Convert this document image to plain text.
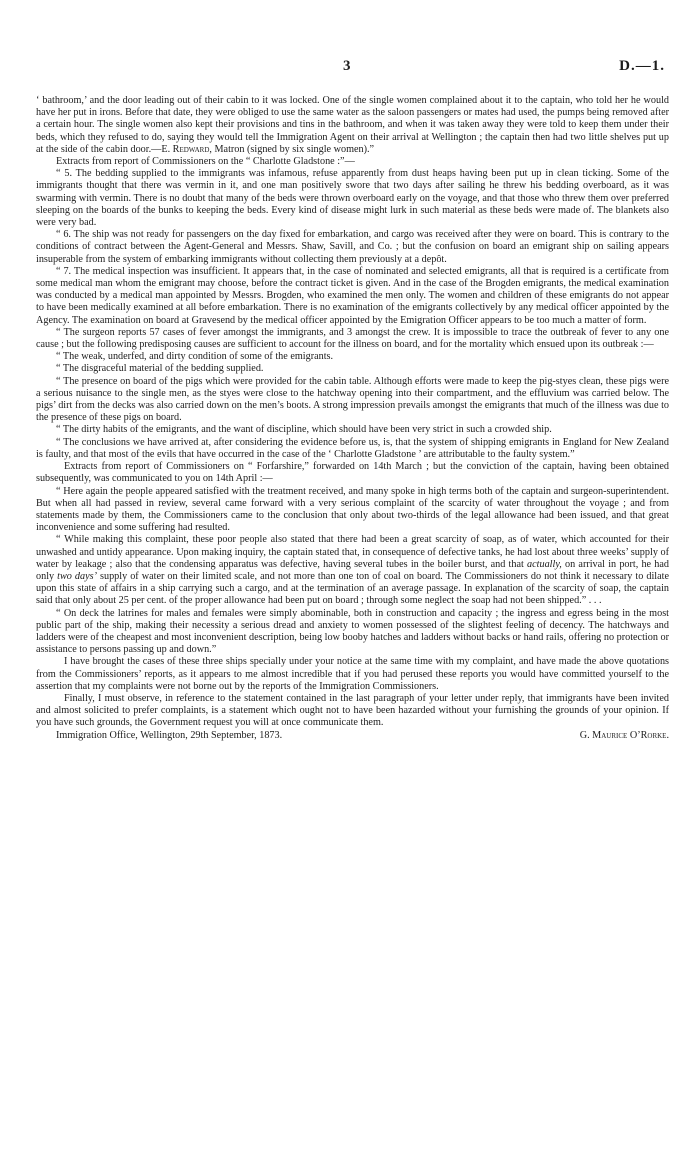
3	D.—1.

‘ bathroom,’ and the door leading out of their cabin to it was locked. One of the single women complained about it to the captain, who told her he would have her put in irons. Before that date, they were obliged to use the same water as the saloon passengers or mates had used, the pumps being removed after a certain hour. The single women also kept their provisions and tins in the bathroom, and when it was taken away they were told to keep them under their beds, which they refused to do, saying they would tell the Immigration Agent on their arrival at Wellington ; the captain then had two little shelves put up at the side of the cabin door.—E. Redward, Matron (signed by six single women).”

Extracts from report of Commissioners on the “ Charlotte Gladstone :”—

“ 5. The bedding supplied to the immigrants was infamous, refuse apparently from dust heaps having been put up in clean ticking. Some of the immigrants thought that there was vermin in it, and one man positively swore that two days after sailing he threw his bedding overboard, as it was swarming with vermin. There is no doubt that many of the beds were thrown overboard early on the voyage, and that those who threw them over preferred sleeping on the boards of the bunks to keeping the beds. Every kind of disease might lurk in such material as these beds were made of. The blankets also were very bad.

“ 6. The ship was not ready for passengers on the day fixed for embarkation, and cargo was received after they were on board. This is contrary to the conditions of contract between the Agent-General and Messrs. Shaw, Savill, and Co. ; but the confusion on board an emigrant ship on sailing appears insuperable from the system of embarking immigrants without collecting them previously at a depôt.

“ 7. The medical inspection was insufficient. It appears that, in the case of nominated and selected emigrants, all that is required is a certificate from some medical man whom the emigrant may choose, before the contract ticket is given. And in the case of the Brogden emigrants, the medical examination was conducted by a medical man appointed by Messrs. Brogden, who examined the men only. The women and children of these emigrants do not appear to have been medically examined at all before embarkation. There is no examination of the emigrants collectively by any medical officer appointed by the Agency. The examination on board at Gravesend by the medical officer appointed by the Emigration Officer appears to be too much a matter of form.

“ The surgeon reports 57 cases of fever amongst the immigrants, and 3 amongst the crew. It is impossible to trace the outbreak of fever to any one cause ; but the following predisposing causes are sufficient to account for the illness on board, and for the mortality which ensued upon its outbreak :—

“ The weak, underfed, and dirty condition of some of the emigrants.

“ The disgraceful material of the bedding supplied.

“ The presence on board of the pigs which were provided for the cabin table. Although efforts were made to keep the pig-styes clean, these pigs were a serious nuisance to the single men, as the styes were close to the hatchway opening into their compartment, and the effluvium was carried below. The pigs’ dirt from the decks was also carried down on the men’s boots. A strong impression prevails amongst the emigrants that much of the illness was due to the presence of these pigs on board.

“ The dirty habits of the emigrants, and the want of discipline, which should have been very strict in such a crowded ship.

“ The conclusions we have arrived at, after considering the evidence before us, is, that the system of shipping emigrants in England for New Zealand is faulty, and that most of the evils that have occurred in the case of the ‘ Charlotte Gladstone ’ are attributable to the faulty system.”

Extracts from report of Commissioners on “ Forfarshire,” forwarded on 14th March ; but the conviction of the captain, having been obtained subsequently, was communicated to you on 14th April :—

“ Here again the people appeared satisfied with the treatment received, and many spoke in high terms both of the captain and surgeon-superintendent. But when all had passed in review, several came forward with a very serious complaint of the scarcity of water throughout the voyage ; and from statements made by them, the Commissioners came to the conclusion that only about two-thirds of the legal allowance had been issued, and that great inconvenience and some suffering had resulted.

“ While making this complaint, these poor people also stated that there had been a great scarcity of soap, as of water, which accounted for their unwashed and untidy appearance. Upon making inquiry, the captain stated that, in consequence of defective tanks, he had lost about three weeks’ supply of water by leakage ; also that the condensing apparatus was defective, having several tubes in the boiler burst, and that actually, on arrival in port, he had only two days’ supply of water on their limited scale, and not more than one ton of coal on board. The Commissioners do not think it necessary to dilate upon this state of affairs in a ship carrying such a cargo, and at the termination of an average passage. In explanation of the scarcity of soap, the captain said that only about 25 per cent. of the proper allowance had been put on board ; through some neglect the soap had not been shipped.” . . .

“ On deck the latrines for males and females were simply abominable, both in construction and capacity ; the ingress and egress being in the most public part of the ship, making their necessity a serious dread and anxiety to women possessed of the slightest feeling of decency. The hatchways and ladders were of the cheapest and most inconvenient description, being low booby hatches and ladders without backs or hand rails, offering no protection or assistance to persons passing up and down.”

I have brought the cases of these three ships specially under your notice at the same time with my complaint, and have made the above quotations from the Commissioners’ reports, as it appears to me almost incredible that if you had perused these reports you would have committed yourself to the assertion that my complaints were not borne out by the reports of the Immigration Commissioners.

Finally, I must observe, in reference to the statement contained in the last paragraph of your letter under reply, that immigrants have been invited and almost solicited to prefer complaints, is a statement which ought not to have been hazarded without your furnishing the grounds of your opinion. If you have such grounds, the Government request you will at once communicate them.

Immigration Office, Wellington, 29th September, 1873.	G. Maurice O’Rorke.
